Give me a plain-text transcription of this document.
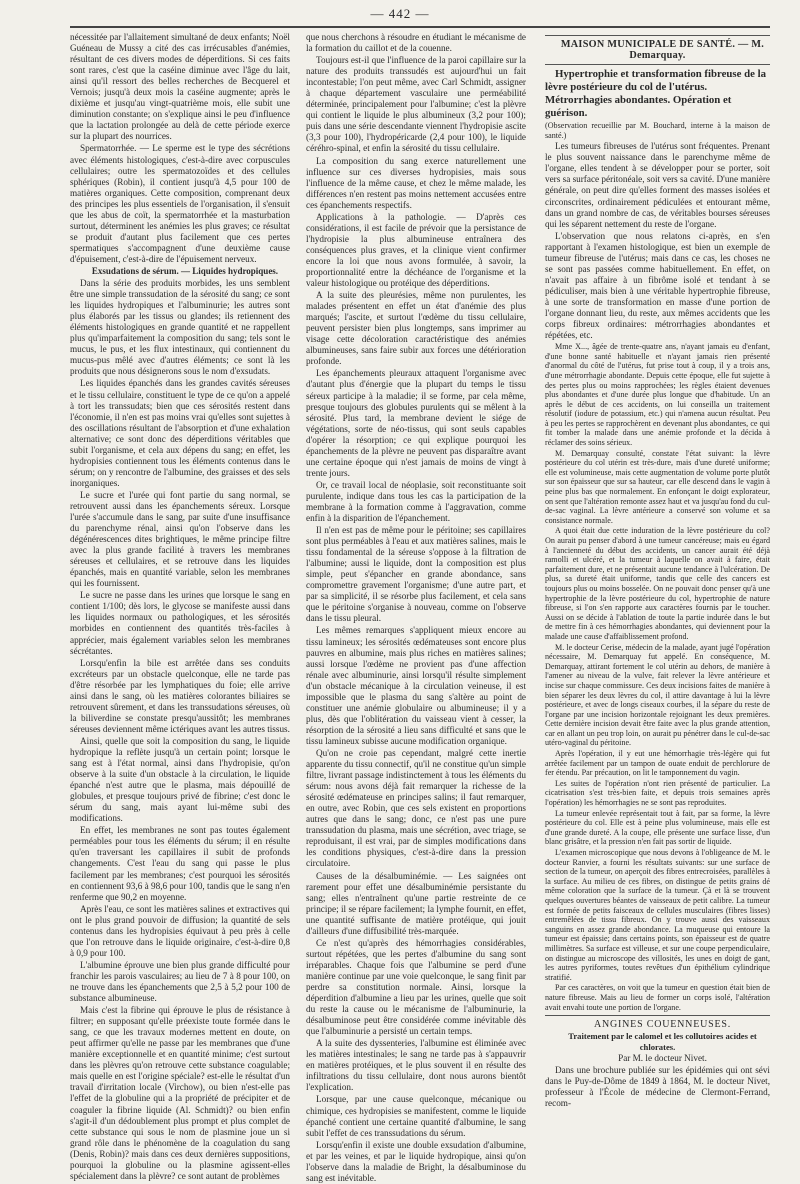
— 442 —

nécessitée par l'allaitement simultané de deux enfants; Noël Guéneau de Mussy a cité des cas irrécusables d'anémies, résultant de ces divers modes de déperditions. Si ces faits sont rares, c'est que la caséine diminue avec l'âge du lait, ainsi qu'il ressort des belles recherches de Becquerel et Vernois; jusqu'à deux mois la caséine augmente; après le dixième et jusqu'au vingt-quatrième mois, elle subit une diminution constante; on s'explique ainsi le peu d'influence que la lactation prolongée au delà de cette période exerce sur la plupart des nourrices.

Spermatorrhée. — Le sperme est le type des sécrétions avec éléments histologiques, c'est-à-dire avec corpuscules cellulaires; outre les spermatozoïdes et des cellules sphériques (Robin), il contient jusqu'à 4,5 pour 100 de matières organiques. Cette composition, comprenant deux des principes les plus essentiels de l'organisation, il s'ensuit que les abus de coït, la spermatorrhée et la masturbation surtout, déterminent les anémies les plus graves; ce résultat se produit d'autant plus facilement que ces pertes spermatiques s'accompagnent d'une deuxième cause d'épuisement, c'est-à-dire de l'épuisement nerveux.

Exsudations de sérum. — Liquides hydropiques.

Dans la série des produits morbides, les uns semblent être une simple transsudation de la sérosité du sang; ce sont les liquides hydropiques et l'albuminurie; les autres sont plus élaborés par les tissus ou glandes; ils retiennent des éléments histologiques en grande quantité et ne rappellent plus qu'imparfaitement la composition du sang; tels sont le mucus, le pus, et les flux intestinaux, qui contiennent du mucus-pus mêlé avec d'autres éléments; ce sont là les produits que nous désignerons sous le nom d'exsudats.

Les liquides épanchés dans les grandes cavités séreuses et le tissu cellulaire, constituent le type de ce qu'on a appelé à tort les transsudats; bien que ces sérosités restent dans l'économie, il n'en est pas moins vrai qu'elles sont sujettes à des oscillations résultant de l'absorption et d'une exhalation alternative; ce sont donc des déperditions véritables que subit l'organisme, et cela aux dépens du sang; en effet, les hydropisies contiennent tous les éléments contenus dans le sérum; on y rencontre de l'albumine, des graisses et des sels inorganiques.

Le sucre et l'urée qui font partie du sang normal, se retrouvent aussi dans les épanchements séreux. Lorsque l'urée s'accumule dans le sang, par suite d'une insuffisance du parenchyme rénal, ainsi qu'on l'observe dans les dégénérescences dites brightiques, le même principe filtre avec la plus grande facilité à travers les membranes séreuses et cellulaires, et se retrouve dans les liquides épanchés, mais en quantité variable, selon les membranes qui les fournissent.

Le sucre ne passe dans les urines que lorsque le sang en contient 1/100; dès lors, le glycose se manifeste aussi dans les liquides normaux ou pathologiques, et les sérosités morbides en contiennent des quantités très-faciles à apprécier, mais également variables selon les membranes sécrétantes.

Lorsqu'enfin la bile est arrêtée dans ses conduits excréteurs par un obstacle quelconque, elle ne tarde pas d'être résorbée par les lymphatiques du foie; elle arrive ainsi dans le sang, où les matières colorantes biliaires se retrouvent sûrement, et dans les transsudations séreuses, où la biliverdine se constate presqu'aussitôt; les membranes séreuses deviennent même ictériques avant les autres tissus.

Ainsi, quelle que soit la composition du sang, le liquide hydropique la reflète jusqu'à un certain point; lorsque le sang est à l'état normal, ainsi dans l'hydropisie, qu'on observe à la suite d'un obstacle à la circulation, le liquide épanché n'est autre que le plasma, mais dépouillé de globules, et presque toujours privé de fibrine; c'est donc le sérum du sang, mais ayant lui-même subi des modifications.

En effet, les membranes ne sont pas toutes également perméables pour tous les éléments du sérum; il en résulte qu'en traversant les capillaires il subit de profonds changements. C'est l'eau du sang qui passe le plus facilement par les membranes; c'est pourquoi les sérosités en contiennent 93,6 à 98,6 pour 100, tandis que le sang n'en renferme que 90,2 en moyenne.

Après l'eau, ce sont les matières salines et extractives qui ont le plus grand pouvoir de diffusion; la quantité de sels contenus dans les hydropisies équivaut à peu près à celle que l'on retrouve dans le liquide originaire, c'est-à-dire 0,8 à 0,9 pour 100.

L'albumine éprouve une bien plus grande difficulté pour franchir les parois vasculaires; au lieu de 7 à 8 pour 100, on ne trouve dans les épanchements que 2,5 à 5,2 pour 100 de substance albumineuse.

Mais c'est la fibrine qui éprouve le plus de résistance à filtrer; en supposant qu'elle préexiste toute formée dans le sang, ce que les travaux modernes mettent en doute, on peut affirmer qu'elle ne passe par les membranes que d'une manière exceptionnelle et en quantité minime; c'est surtout dans les plèvres qu'on retrouve cette substance coagulable; mais quelle en est l'origine spéciale? est-elle le résultat d'un travail d'irritation locale (Virchow), ou bien n'est-elle pas l'effet de la globuline qui a la propriété de précipiter et de coaguler la fibrine liquide (Al. Schmidt)? ou bien enfin s'agit-il d'un dédoublement plus prompt et plus complet de cette substance qui sous le nom de plasmine joue un si grand rôle dans le phénomène de la coagulation du sang (Denis, Robin)? mais dans ces deux dernières suppositions, pourquoi la globuline ou la plasmine agissent-elles spécialement dans la plèvre? ce sont autant de problèmes

que nous cherchons à résoudre en étudiant le mécanisme de la formation du caillot et de la couenne.

Toujours est-il que l'influence de la paroi capillaire sur la nature des produits transsudés est aujourd'hui un fait incontestable; l'on peut même, avec Carl Schmidt, assigner à chaque département vasculaire une perméabilité déterminée, principalement pour l'albumine; c'est la plèvre qui contient le liquide le plus albumineux (3,2 pour 100); puis dans une série descendante viennent l'hydropisie ascite (3,3 pour 100), l'hydropéricarde (2,4 pour 100), le liquide céréhro-spinal, et enfin la sérosité du tissu cellulaire.

La composition du sang exerce naturellement une influence sur ces diverses hydropisies, mais sous l'influence de la même cause, et chez le même malade, les différences n'en restent pas moins nettement accusées entre ces épanchements respectifs.

Applications à la pathologie. — D'après ces considérations, il est facile de prévoir que la persistance de l'hydropisie la plus albumineuse entraînera des conséquences plus graves, et la clinique vient confirmer encore la loi que nous avons formulée, à savoir, la proportionnalité entre la déchéance de l'organisme et la valeur histologique ou protéique des déperditions.

A la suite des pleurésies, même non purulentes, les malades présentent en effet un état d'anémie des plus marqués; l'ascite, et surtout l'œdème du tissu cellulaire, peuvent persister bien plus longtemps, sans imprimer au visage cette décoloration caractéristique des anémies albumineuses, sans faire subir aux forces une détérioration profonde.

Les épanchements pleuraux attaquent l'organisme avec d'autant plus d'énergie que la plupart du temps le tissu séreux participe à la maladie; il se forme, par cela même, presque toujours des globules purulents qui se mêlent à la sérosité. Plus tard, la membrane devient le siége de végétations, sorte de néo-tissus, qui sont seuls capables d'opérer la résorption; ce qui explique pourquoi les épanchements de la plèvre ne peuvent pas disparaître avant une certaine époque qui n'est jamais de moins de vingt à trente jours.

Or, ce travail local de néoplasie, soit reconstituante soit purulente, indique dans tous les cas la participation de la membrane à la formation comme à l'aggravation, comme enfin à la disparition de l'épanchement.

Il n'en est pas de même pour le péritoine; ses capillaires sont plus perméables à l'eau et aux matières salines, mais le tissu fondamental de la séreuse s'oppose à la filtration de l'albumine; aussi le liquide, dont la composition est plus simple, peut s'épancher en grande abondance, sans compromettre gravement l'organisme; d'une autre part, et par sa simplicité, il se résorbe plus facilement, et cela sans que le péritoine s'organise à nouveau, comme on l'observe dans le tissu pleural.

Les mêmes remarques s'appliquent mieux encore au tissu lamineux; les sérosités œdémateuses sont encore plus pauvres en albumine, mais plus riches en matières salines; aussi lorsque l'œdème ne provient pas d'une affection rénale avec albuminurie, ainsi lorsqu'il résulte simplement d'un obstacle mécanique à la circulation veineuse, il est impossible que le plasma du sang s'altère au point de constituer une anémie globulaire ou albumineuse; il y a plus, dès que l'oblitération du vaisseau vient à cesser, la résorption de la sérosité a lieu sans difficulté et sans que le tissu lamineux subisse aucune modification organique.

Qu'on ne croie pas cependant, malgré cette inertie apparente du tissu connectif, qu'il ne constitue qu'un simple filtre, livrant passage indistinctement à tous les éléments du sérum: nous avons déjà fait remarquer la richesse de la sérosité œdémateuse en principes salins; il faut remarquer, en outre, avec Robin, que ces sels existent en proportions autres que dans le sang; donc, ce n'est pas une pure transsudation du plasma, mais une sécrétion, avec triage, se reproduisant, il est vrai, par de simples modifications dans les conditions physiques, c'est-à-dire dans la pression circulatoire.

Causes de la désalbuminémie. — Les saignées ont rarement pour effet une désalbuminémie persistante du sang; elles n'entraînent qu'une partie restreinte de ce principe; il se répare facilement; la lymphe fournit, en effet, une quantité suffisante de matière protéique, qui jouit d'ailleurs d'une diffusibilité très-marquée.

Ce n'est qu'après des hémorrhagies considérables, surtout répétées, que les pertes d'albumine du sang sont irréparables. Chaque fois que l'albumine se perd d'une manière continue par une voie quelconque, le sang finit par perdre sa constitution normale. Ainsi, lorsque la déperdition d'albumine a lieu par les urines, quelle que soit du reste la cause ou le mécanisme de l'albuminurie, la désalbuminose peut être considérée comme inévitable dès que l'albuminurie a persisté un certain temps.

A la suite des dyssenteries, l'albumine est éliminée avec les matières intestinales; le sang ne tarde pas à s'appauvrir en matières protéiques, et le plus souvent il en résulte des infiltrations du tissu cellulaire, dont nous aurons bientôt l'explication.

Lorsque, par une cause quelconque, mécanique ou chimique, ces hydropisies se manifestent, comme le liquide épanché contient une certaine quantité d'albumine, le sang subit l'effet de ces transsudations du sérum.

Lorsqu'enfin il existe une double exsudation d'albumine, et par les veines, et par le liquide hydropique, ainsi qu'on l'observe dans la maladie de Bright, la désalbuminose du sang est inévitable.

MAISON MUNICIPALE DE SANTÉ. — M. Demarquay.

Hypertrophie et transformation fibreuse de la lèvre postérieure du col de l'utérus. Métrorrhagies abondantes. Opération et guérison.

(Observation recueillie par M. Bouchard, interne à la maison de santé.)

Les tumeurs fibreuses de l'utérus sont fréquentes. Prenant le plus souvent naissance dans le parenchyme même de l'organe, elles tendent à se développer pour se porter, soit vers sa surface péritonéale, soit vers sa cavité. D'une manière générale, on peut dire qu'elles forment des masses isolées et circonscrites, ordinairement pédiculées et entourant même, dans un grand nombre de cas, de véritables bourses séreuses qui les séparent nettement du reste de l'organe.

L'observation que nous relatons ci-après, en s'en rapportant à l'examen histologique, est bien un exemple de tumeur fibreuse de l'utérus; mais dans ce cas, les choses ne se sont pas passées comme habituellement. En effet, on n'avait pas affaire à un fibrôme isolé et tendant à se pédiculiser, mais bien à une véritable hypertrophie fibreuse, à une sorte de transformation en masse d'une portion de l'organe donnant lieu, du reste, aux mêmes accidents que les corps fibreux ordinaires: métrorrhagies abondantes et répétées, etc.

Mme X..., âgée de trente-quatre ans, n'ayant jamais eu d'enfant, d'une bonne santé habituelle et n'ayant jamais rien présenté d'anormal du côté de l'utérus, fut prise tout à coup, il y a trois ans, d'une métrorrhagie abondante. Depuis cette époque, elle fut sujette à des pertes plus ou moins rapprochées; les règles étaient devenues plus abondantes et d'une durée plus longue que d'habitude. Un an après le début de ces accidents, on lui conseilla un traitement résolutif (iodure de potassium, etc.) qui n'amena aucun résultat. Peu à peu les pertes se rapprochèrent en devenant plus abondantes, ce qui fit tomber la malade dans une anémie profonde et la décida à réclamer des soins sérieux.

M. Demarquay consulté, constate l'état suivant: la lèvre postérieure du col utérin est très-dure, mais d'une dureté uniforme; elle est volumineuse, mais cette augmentation de volume porte plutôt sur son épaisseur que sur sa hauteur, car elle descend dans le vagin à peine plus bas que normalement. En enfonçant le doigt explorateur, on sent que l'altération remonte assez haut et va jusqu'au fond du cul-de-sac vaginal. La lèvre antérieure a conservé son volume et sa consistance normale.

A quoi était due cette induration de la lèvre postérieure du col? On aurait pu penser d'abord à une tumeur cancéreuse; mais eu égard à l'ancienneté du début des accidents, un cancer aurait été déjà ramolli et ulcéré, et la tumeur à laquelle on avait à faire, était parfaitement dure, et ne présentait aucune tendance à l'ulcération. De plus, sa dureté était uniforme, tandis que celle des cancers est toujours plus ou moins bosselée. On ne pouvait donc penser qu'à une hypertrophie de la lèvre postérieure du col, hypertrophie de nature fibreuse, si l'on s'en rapporte aux caractères fournis par le toucher. Aussi on se décide à l'ablation de toute la partie indurée dans le but de mettre fin à ces hémorrhagies abondantes, qui deviennent pour la malade une cause d'affaiblissement profond.

M. le docteur Cerise, médecin de la malade, ayant jugé l'opération nécessaire, M. Demarquay fut appelé. En conséquence, M. Demarquay, attirant fortement le col utérin au dehors, de manière à l'amener au niveau de la vulve, fait relever la lèvre antérieure et incise sur chaque commissure. Ces deux incisions faites de manière à bien séparer les deux lèvres du col, il attire davantage à lui la lèvre postérieure, et avec de longs ciseaux courbes, il la sépare du reste de l'organe par une incision horizontale rejoignant les deux premières. Cette dernière incision devait être faite avec la plus grande attention, car en allant un peu trop loin, on aurait pu pénétrer dans le cul-de-sac utéro-vaginal du péritoine.

Après l'opération, il y eut une hémorrhagie très-légère qui fut arrêtée facilement par un tampon de ouate enduit de perchlorure de fer étendu. Par précaution, on lit le tamponnement du vagin.

Les suites de l'opération n'ont rien présenté de particulier. La cicatrisation s'est très-bien faite, et depuis trois semaines après l'opération) les hémorrhagies ne se sont pas reproduites.

La tumeur enlevée représentait tout à fait, par sa forme, la lèvre postérieure du col. Elle est à peine plus volumineuse, mais elle est d'une grande dureté. A la coupe, elle présente une surface lisse, d'un blanc grisâtre, et la pression n'en fait pas sortir de liquide.

L'examen microscopique que nous devons à l'obligeance de M. le docteur Ranvier, a fourni les résultats suivants: sur une surface de section de la tumeur, on aperçoit des fibres entrecroisées, parallèles à la surface. Au milieu de ces fibres, on distingue de petits grains dé même coloration que la surface de la tumeur. Çà et là se trouvent quelques ouvertures béantes de vaisseaux de petit calibre. La tumeur est formée de petits faisceaux de cellules musculaires (fibres lisses) entremêlées de tissu fibreux. On y trouve aussi des vaisseaux sanguins en assez grande abondance. La muqueuse qui entoure la tumeur est épaissie; dans certains points, son épaisseur est de quatre millimètres. Sa surface est villeuse, et sur une coupe perpendiculaire, on distingue au microscope des villosités, les unes en doigt de gant, les autres pyriformes, toutes revêtues d'un épithélium cylindrique stratifié.

Par ces caractères, on voit que la tumeur en question était bien de nature fibreuse. Mais au lieu de former un corps isolé, l'altération avait envahi toute une portion de l'organe.

ANGINES COUENNEUSES.

Traitement par le calomel et les collutoires acides et chlorates.

Par M. le docteur Nivet.

Dans une brochure publiée sur les épidémies qui ont sévi dans le Puy-de-Dôme de 1849 à 1864, M. le docteur Nivet, professeur à l'École de médecine de Clermont-Ferrand, recom-
